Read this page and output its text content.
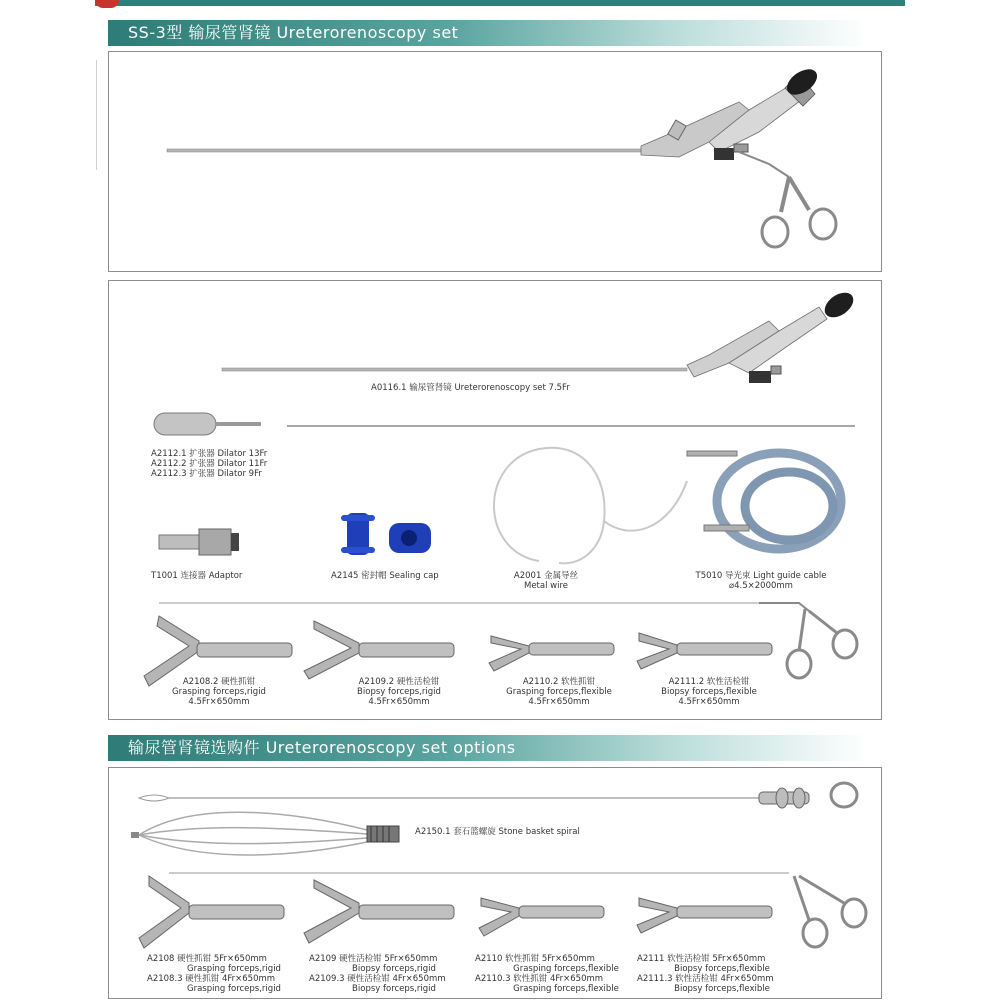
SS-3型 输尿管肾镜 Ureterorenoscopy set
A0116.1 输尿管肾镜 Ureterorenoscopy set 7.5Fr
A2112.1 扩张器 Dilator 13Fr
A2112.2 扩张器 Dilator 11Fr
A2112.3 扩张器 Dilator 9Fr
T1001 连接器 Adaptor	A2145 密封帽 Sealing cap	A2001 金属导丝
Metal wire
T5010 导光束 Light guide cable
⌀4.5×2000mm
A2108.2 硬性抓钳
Grasping forceps,rigid
4.5Fr×650mm
A2109.2 硬性活检钳
Biopsy forceps,rigid
4.5Fr×650mm
A2110.2 软性抓钳
Grasping forceps,flexible
4.5Fr×650mm
A2111.2 软性活检钳
Biopsy forceps,flexible
4.5Fr×650mm
输尿管肾镜选购件 Ureterorenoscopy set options
A2150.1 套石篮螺旋 Stone basket spiral
A2108 硬性抓钳 5Fr×650mm
Grasping forceps,rigid
A2108.3 硬性抓钳 4Fr×650mm
Grasping forceps,rigid
A2109 硬性活检钳 5Fr×650mm
Biopsy forceps,rigid
A2109.3 硬性活检钳 4Fr×650mm
Biopsy forceps,rigid
A2110 软性抓钳 5Fr×650mm
Grasping forceps,flexible
A2110.3 软性抓钳 4Fr×650mm
Grasping forceps,flexible
A2111 软性活检钳 5Fr×650mm
Biopsy forceps,flexible
A2111.3 软性活检钳 4Fr×650mm
Biopsy forceps,flexible
